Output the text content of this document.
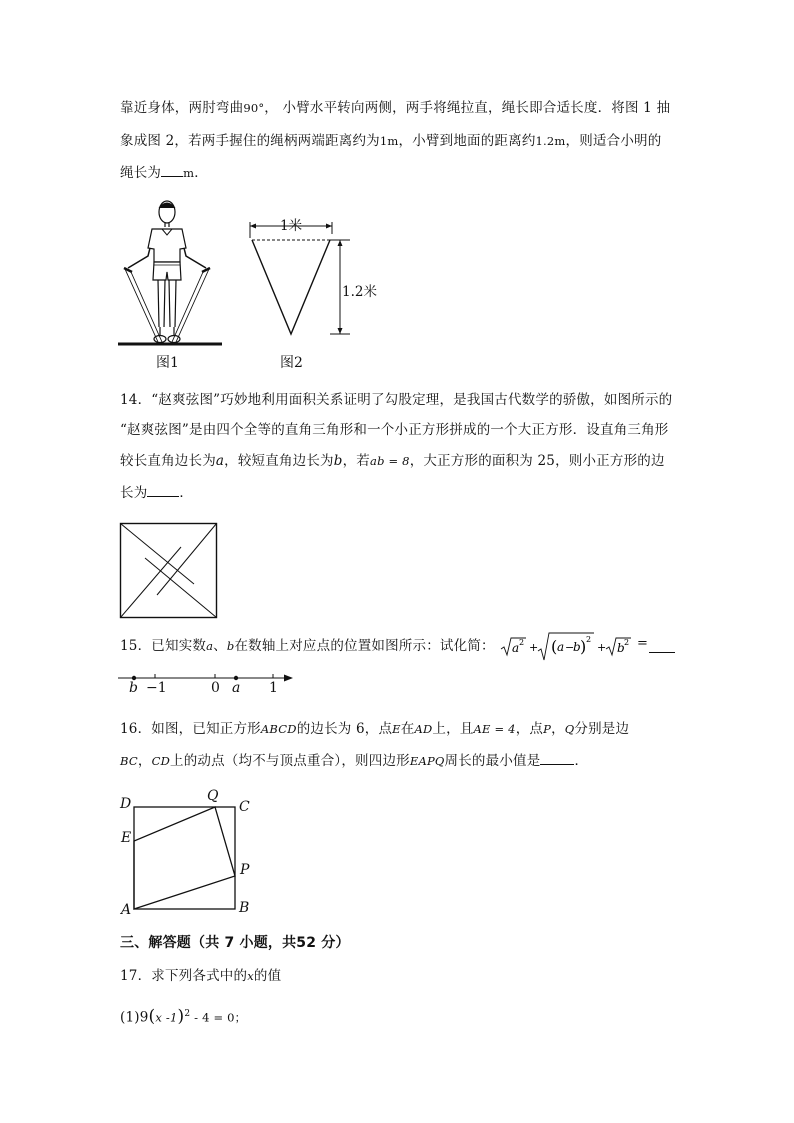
靠近身体，两肘弯曲90°， 小臂水平转向两侧，两手将绳拉直，绳长即合适长度．将图 1 抽
象成图 2，若两手握住的绳柄两端距离约为1m，小臂到地面的距离约1.2m，则适合小明的
绳长为 m．
图1
1米
1.2米
图2
14．“赵爽弦图”巧妙地利用面积关系证明了勾股定理，是我国古代数学的骄傲，如图所示的
“赵爽弦图”是由四个全等的直角三角形和一个小正方形拼成的一个大正方形．设直角三角形
较长直角边长为a，较短直角边长为b，若ab = 8，大正方形的面积为 25，则小正方形的边
长为 ．
15．已知实数a、b在数轴上对应点的位置如图所示：试化简： a 2 + ( a −
b ) 2
+ b 2 =
b −1	0 a 1
16．如图，已知正方形ABCD的边长为 6，点E在AD上，且AE = 4，点P，Q分别是边
BC，CD上的动点（均不与顶点重合），则四边形EAPQ周长的最小值是	．
D	Q
C
E
P
A	B
三、解答题（共 7 小题，共52 分）
17．求下列各式中的x的值
(1)9(x -1)$^2$ - 4 = 0；
